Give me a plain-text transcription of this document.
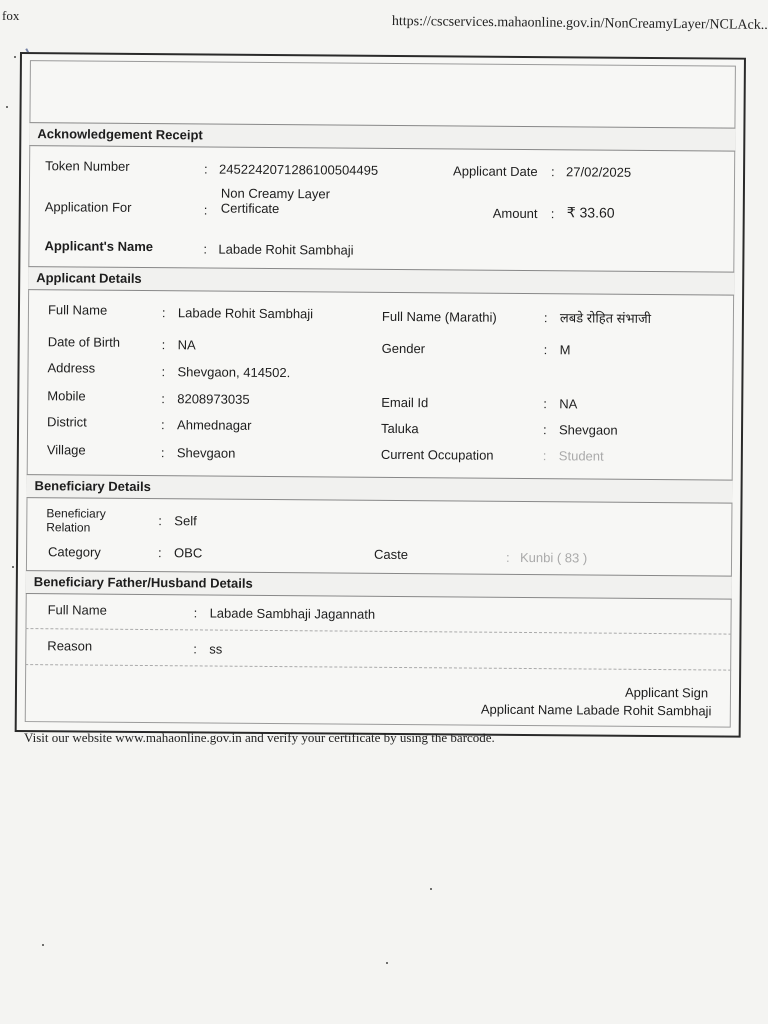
fox	https://cscservices.mahaonline.gov.in/NonCreamyLayer/NCLAck..
Acknowledgement Receipt
Token Number	: 2452242071286100504495	Applicant Date : 27/02/2025
Non Creamy Layer
Application For	: Certificate	Amount : ₹ 33.60
Applicant's Name	: Labade Rohit Sambhaji
Applicant Details
Full Name	: Labade Rohit Sambhaji	Full Name (Marathi)	: लबडे रोहित संभाजी
Date of Birth	: NA	Gender	: M
Address	: Shevgaon, 414502.
Mobile	: 8208973035	Email Id	: NA
District	: Ahmednagar	Taluka	: Shevgaon
Village	: Shevgaon	Current Occupation	: Student
Beneficiary Details
Beneficiary
Relation	: Self
Category	: OBC	Caste	: Kunbi ( 83 )
Beneficiary Father/Husband Details
Full Name	: Labade Sambhaji Jagannath
Reason	: ss
Applicant Sign
Applicant Name Labade Rohit Sambhaji
Visit our website www.mahaonline.gov.in and verify your certificate by using the barcode.
